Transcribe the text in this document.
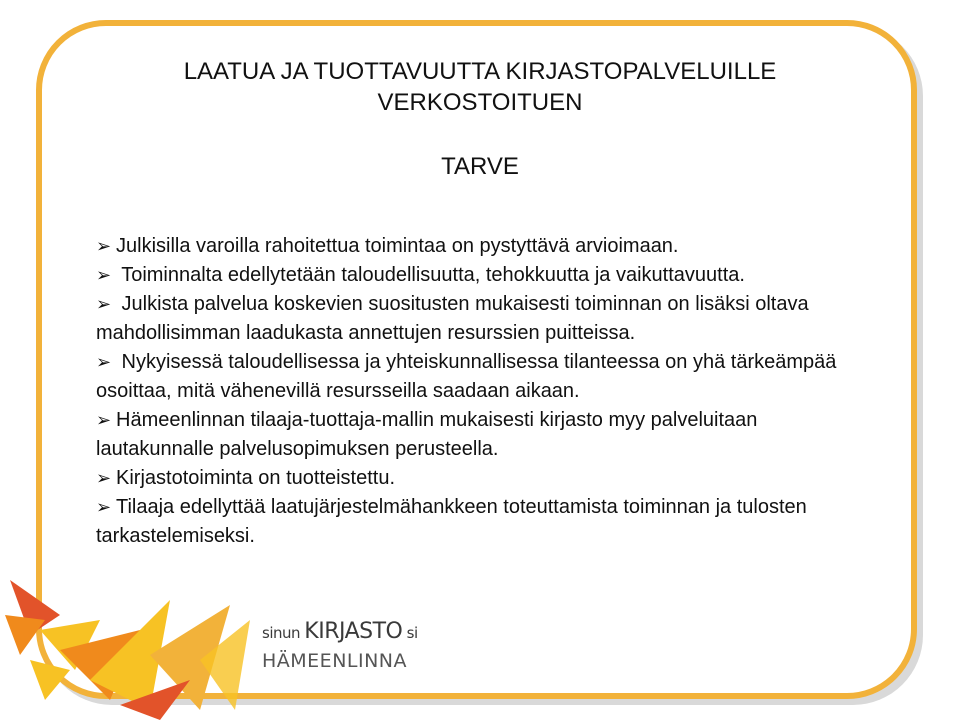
LAATUA JA TUOTTAVUUTTA KIRJASTOPALVELUILLE VERKOSTOITUEN
TARVE
➢ Julkisilla varoilla rahoitettua toimintaa on pystyttävä arvioimaan.
➢ Toiminnalta edellytetään taloudellisuutta, tehokkuutta ja vaikuttavuutta.
➢ Julkista palvelua koskevien suositusten mukaisesti toiminnan on lisäksi oltava mahdollisimman laadukasta annettujen resurssien puitteissa.
➢ Nykyisessä taloudellisessa ja yhteiskunnallisessa tilanteessa on yhä tärkeämpää osoittaa, mitä vähenevillä resursseilla saadaan aikaan.
➢ Hämeenlinnan tilaaja-tuottaja-mallin mukaisesti kirjasto myy palveluitaan lautakunnalle palvelusopimuksen perusteella.
➢ Kirjastotoiminta on tuotteistettu.
➢ Tilaaja edellyttää laatujärjestelmähankkeen toteuttamista toiminnan ja tulosten tarkastelemiseksi.
sinun KIRJASTO si
HÄMEENLINNA
